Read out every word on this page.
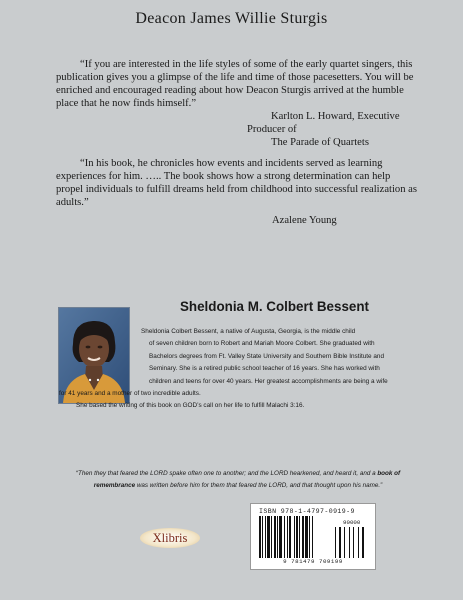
Deacon James Willie Sturgis

“If you are interested in the life styles of some of the early quartet singers, this publication gives you a glimpse of the life and time of those pacesetters. You will be enriched and encouraged reading about how Deacon Sturgis arrived at the humble place that he now finds himself.”

Karlton L. Howard, Executive Producer of

The Parade of Quartets

“In his book, he chronicles how events and incidents served as learning experiences for him. ….. The book shows how a strong determination can help propel individuals to fulfill dreams held from childhood into successful realization as adults.”

Azalene Young

Sheldonia M. Colbert Bessent
Sheldonia Colbert Bessent, a native of Augusta, Georgia, is the middle child
of seven children born to Robert and Mariah Moore Colbert. She graduated with
Bachelors degrees from Ft. Valley State University and Southern Bible Institute and
Seminary. She is a retired public school teacher of 16 years. She has worked with
children and teens for over 40 years. Her greatest accomplishments are being a wife
for 41 years and a mother of two incredible adults.
She based the writing of this book on GOD’s call on her life to fulfill Malachi 3:16.
“Then they that feared the LORD spake often one to another; and the LORD hearkened, and heard it, and a book of remembrance was written before him for them that feared the LORD, and that thought upon his name.”
Xlibris
ISBN 978-1-4797-0919-9
90000
9 781479 709199
